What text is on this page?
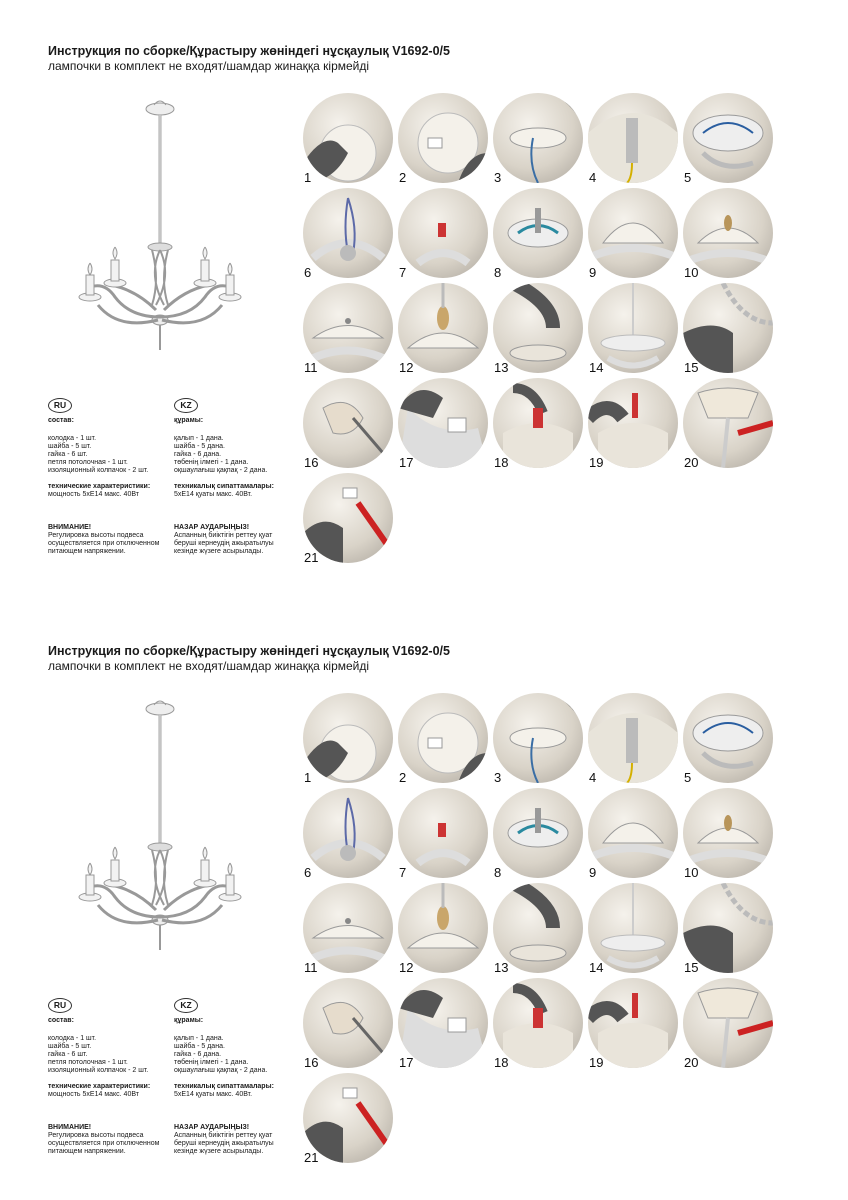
Инструкция по сборке/Құрастыру жөніндегі нұсқаулық V1692-0/5
лампочки в комплект не входят/шамдар жинаққа кірмейді
RU	KZ

состав:

колодка - 1 шт.

шайба - 5 шт.

гайка - 6 шт.

петля потолочная - 1 шт.

изоляционный колпачок - 2 шт.

технические характеристики:

мощность 5хЕ14 макс. 40Вт

ВНИМАНИЕ!

Регулировка высоты подвеса осуществляется при отключенном питающем напряжении.

құрамы:

қалып - 1 дана.

шайба - 5 дана.

гайка - 6 дана.

төбенің ілмегі - 1 дана.

оқшаулағыш қақпақ - 2 дана.

техникалық сипаттамалары:

5хЕ14 қуаты макс. 40Вт.

НАЗАР АУДАРЫҢЫЗ!

Аспанның биіктігін реттеу қуат беруші кернеудің ажыратылуы кезінде жүзеге асырылады.

1	2	3	4	5
6	7	8	9	10
11	12	13	14	15
16	17	18	19	20
21
Инструкция по сборке/Құрастыру жөніндегі нұсқаулық V1692-0/5
лампочки в комплект не входят/шамдар жинаққа кірмейді
RU	KZ

состав:

колодка - 1 шт.

шайба - 5 шт.

гайка - 6 шт.

петля потолочная - 1 шт.

изоляционный колпачок - 2 шт.

технические характеристики:

мощность 5хЕ14 макс. 40Вт

ВНИМАНИЕ!

Регулировка высоты подвеса осуществляется при отключенном питающем напряжении.

құрамы:

қалып - 1 дана.

шайба - 5 дана.

гайка - 6 дана.

төбенің ілмегі - 1 дана.

оқшаулағыш қақпақ - 2 дана.

техникалық сипаттамалары:

5хЕ14 қуаты макс. 40Вт.

НАЗАР АУДАРЫҢЫЗ!

Аспанның биіктігін реттеу қуат беруші кернеудің ажыратылуы кезінде жүзеге асырылады.

1	2	3	4	5
6	7	8	9	10
11	12	13	14	15
16	17	18	19	20
21
